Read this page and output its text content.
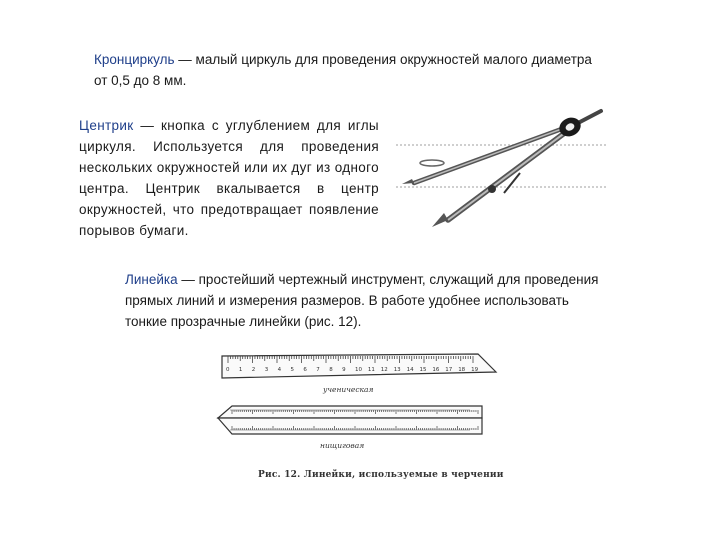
Кронциркуль — малый циркуль для проведения окружностей малого диаметра от 0,5 до 8 мм.

Центрик — кнопка с углублением для иглы циркуля. Используется для проведения нескольких окружностей или их дуг из одного центра. Центрик вкалывается в центр окружностей, что предотвращает появление порывов бумаги.

Линейка — простейший чертежный инструмент, служащий для проведения прямых линий и измерения размеров. В работе удобнее использовать тонкие прозрачные линейки (рис. 12).

0 1 2 3 4 5 6 7 8 9 10 11 12 13 14 15 16 17 18 19
ученическая
нищиговая
Рис. 12. Линейки, используемые в черчении
